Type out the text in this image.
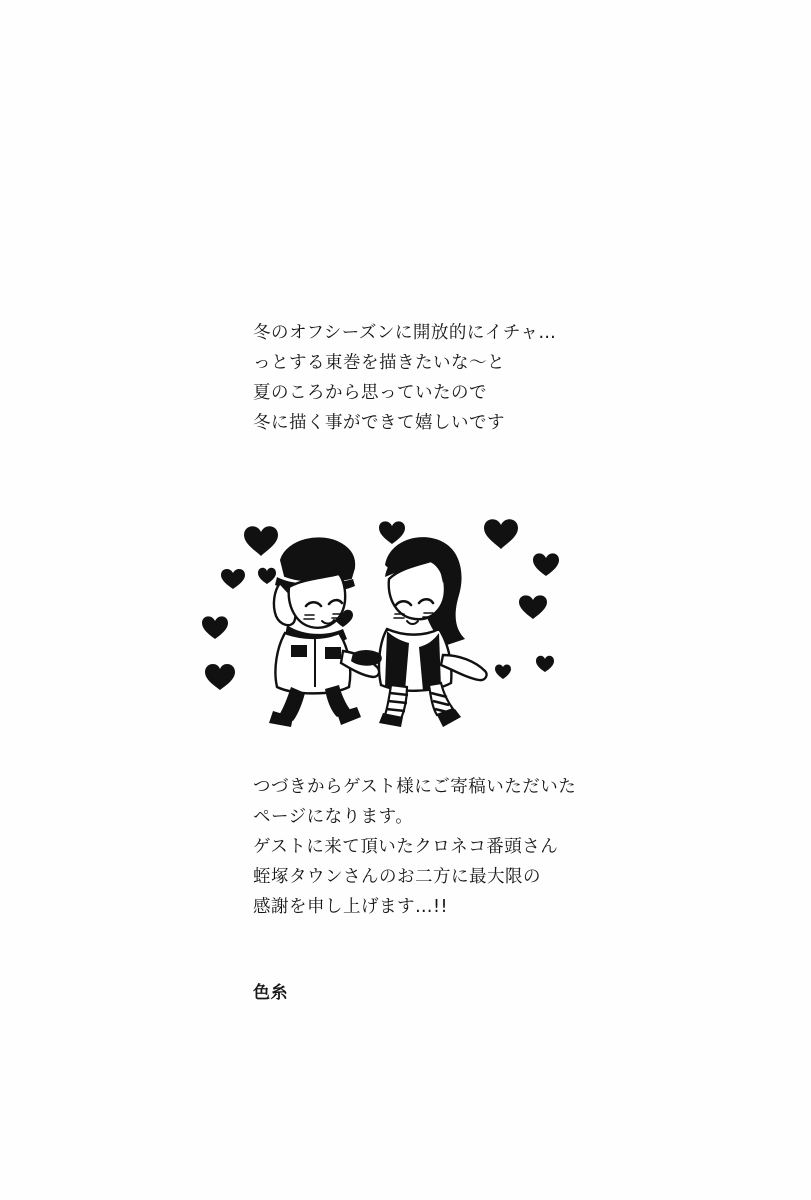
冬のオフシーズンに開放的にイチャ…
っとする東巻を描きたいな〜と
夏のころから思っていたので
冬に描く事ができて嬉しいです
つづきからゲスト様にご寄稿いただいた
ページになります。
ゲストに来て頂いたクロネコ番頭さん
蛭塚タウンさんのお二方に最大限の
感謝を申し上げます…!!
色糸
